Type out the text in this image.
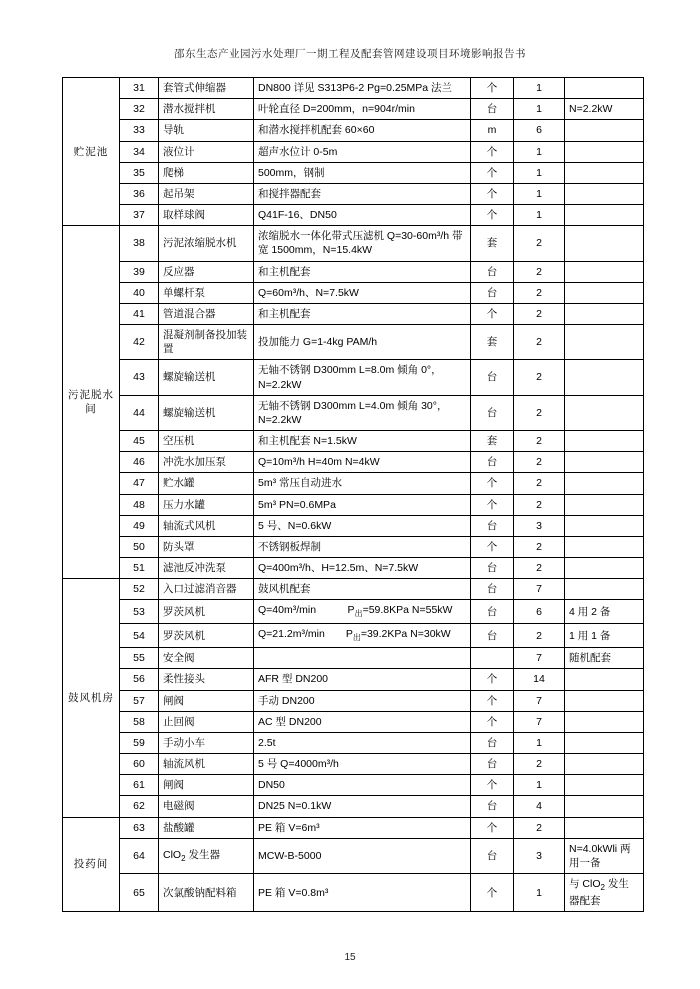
邵东生态产业园污水处理厂一期工程及配套管网建设项目环境影响报告书
贮泥池	31	套管式伸缩器	DN800 详见 S313P6-2 Pg=0.25MPa 法兰	个	1	
	32	潜水搅拌机	叶轮直径 D=200mm，n=904r/min	台	1	N=2.2kW
	33	导轨	和潜水搅拌机配套 60×60	m	6	
	34	液位计	超声水位计 0-5m	个	1	
	35	爬梯	500mm，钢制	个	1	
	36	起吊架	和搅拌器配套	个	1	
	37	取样球阀	Q41F-16、DN50	个	1	
污泥脱水间	38	污泥浓缩脱水机	浓缩脱水一体化带式压滤机 Q=30-60m³/h 带宽 1500mm，N=15.4kW	套	2	
	39	反应器	和主机配套	台	2	
	40	单螺杆泵	Q=60m³/h、N=7.5kW	台	2	
	41	管道混合器	和主机配套	个	2	
	42	混凝剂制备投加装置	投加能力 G=1-4kg PAM/h	套	2	
	43	螺旋输送机	无轴不锈钢 D300mm L=8.0m 倾角 0°，N=2.2kW	台	2	
	44	螺旋输送机	无轴不锈钢 D300mm L=4.0m 倾角 30°，N=2.2kW	台	2	
	45	空压机	和主机配套 N=1.5kW	套	2	
	46	冲洗水加压泵	Q=10m³/h H=40m N=4kW	台	2	
	47	贮水罐	5m³ 常压自动进水	个	2	
	48	压力水罐	5m³ PN=0.6MPa	个	2	
	49	轴流式风机	5 号、N=0.6kW	台	3	
	50	防头罩	不锈钢板焊制	个	2	
	51	滤池反冲洗泵	Q=400m³/h、H=12.5m、N=7.5kW	台	2	
鼓风机房	52	入口过滤消音器	鼓风机配套	台	7	
	53	罗茨风机	Q=40m³/min　　　$P_出=59.8KPa$ N=55kW	台	6	4 用 2 备
	54	罗茨风机	Q=21.2m³/min　　$P_出=39.2KPa$ N=30kW	台	2	1 用 1 备
	55	安全阀			7	随机配套
	56	柔性接头	AFR 型 DN200	个	14	
	57	闸阀	手动 DN200	个	7	
	58	止回阀	AC 型 DN200	个	7	
	59	手动小车	2.5t	台	1	
	60	轴流风机	5 号 Q=4000m³/h	台	2	
	61	闸阀	DN50	个	1	
	62	电磁阀	DN25 N=0.1kW	台	4	
投药间	63	盐酸罐	PE 箱 V=6m³	个	2	
	64	ClO$_2$ 发生器	MCW-B-5000	台	3	N=4.0kWli 两用一备
	65	次氯酸钠配料箱	PE 箱 V=0.8m³	个	1	与 ClO$_2$ 发生器配套
15
